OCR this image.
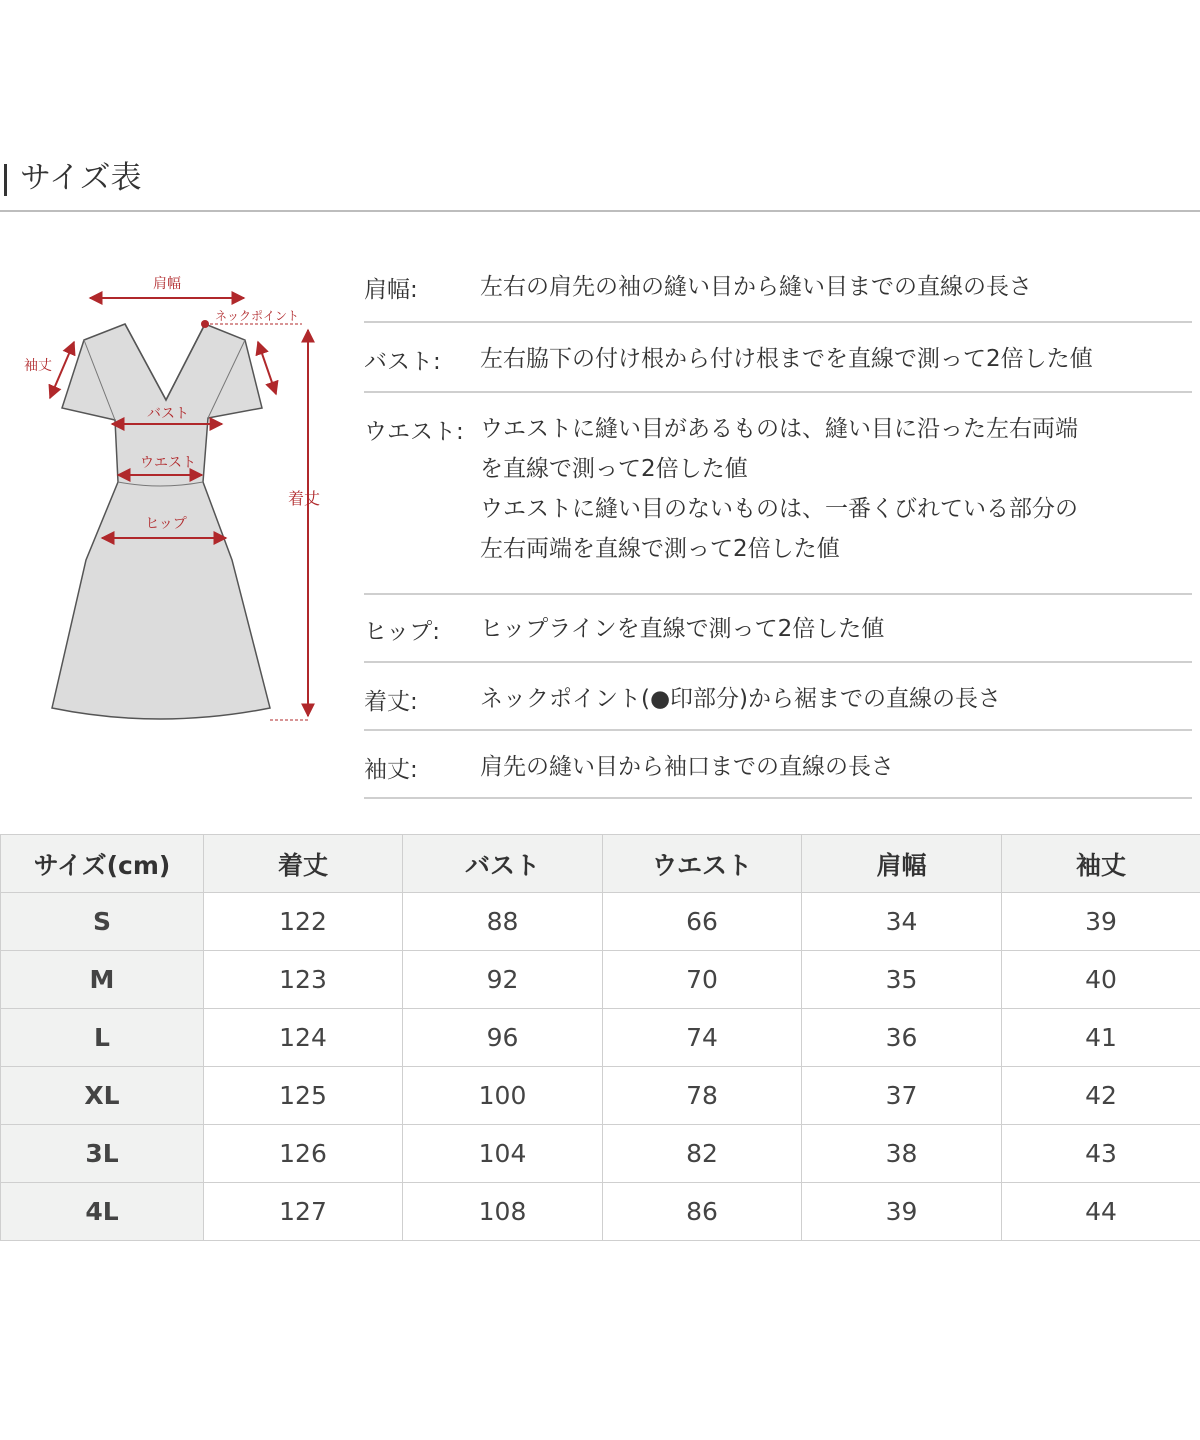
サイズ表
肩幅
ネックポイント
袖丈
バスト
ウエスト
ヒップ
着丈
肩幅:	左右の肩先の袖の縫い目から縫い目までの直線の長さ
バスト: 左右脇下の付け根から付け根までを直線で測って2倍した値
ウエスト: ウエストに縫い目があるものは、縫い目に沿った左右両端
を直線で測って2倍した値
ウエストに縫い目のないものは、一番くびれている部分の
左右両端を直線で測って2倍した値
ヒップ: ヒップラインを直線で測って2倍した値
着丈:	ネックポイント(●印部分)から裾までの直線の長さ
袖丈:	肩先の縫い目から袖口までの直線の長さ
サイズ(cm)	着丈	バスト	ウエスト	肩幅	袖丈
S	122	88	66	34	39
M	123	92	70	35	40
L	124	96	74	36	41
XL	125	100	78	37	42
3L	126	104	82	38	43
4L	127	108	86	39	44
